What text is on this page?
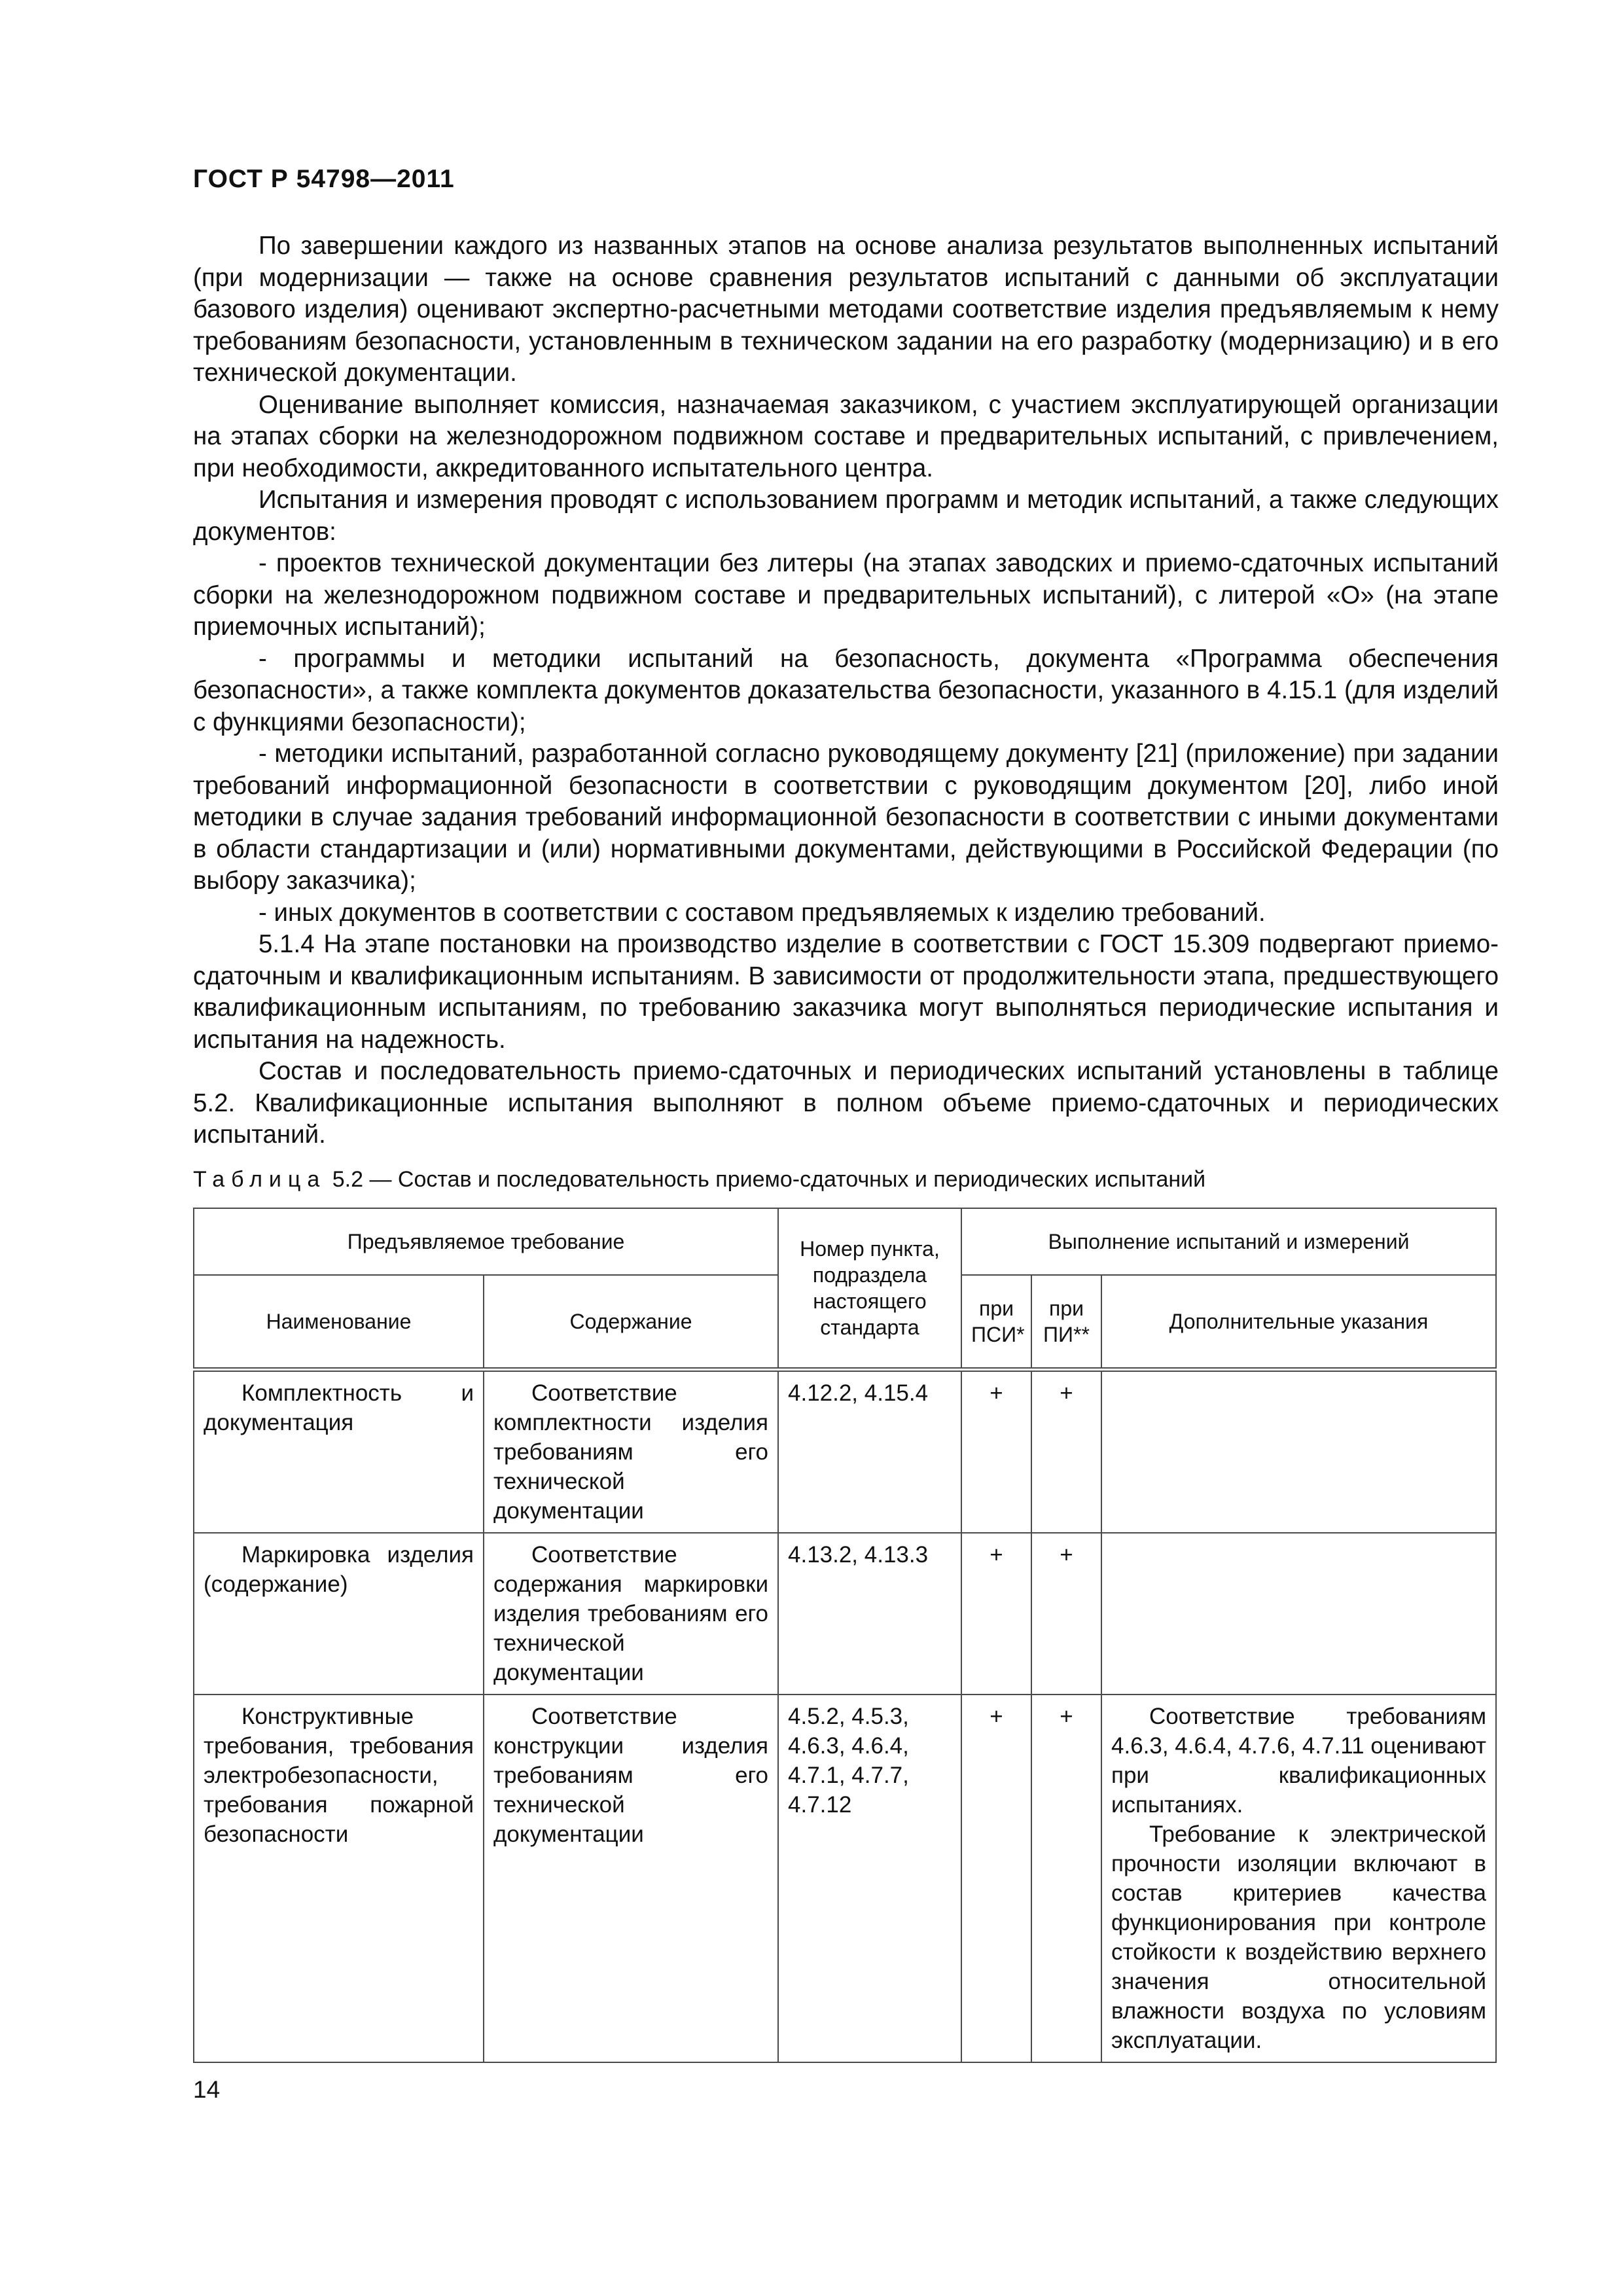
ГОСТ Р 54798—2011

По завершении каждого из названных этапов на основе анализа результатов выполненных испытаний (при модернизации — также на основе сравнения результатов испытаний с данными об эксплуатации базового изделия) оценивают экспертно-расчетными методами соответствие изделия предъявляемым к нему требованиям безопасности, установленным в техническом задании на его разработку (модернизацию) и в его технической документации.

Оценивание выполняет комиссия, назначаемая заказчиком, с участием эксплуатирующей организации на этапах сборки на железнодорожном подвижном составе и предварительных испытаний, с привлечением, при необходимости, аккредитованного испытательного центра.

Испытания и измерения проводят с использованием программ и методик испытаний, а также следующих документов:

- проектов технической документации без литеры (на этапах заводских и приемо-сдаточных испытаний сборки на железнодорожном подвижном составе и предварительных испытаний), с литерой «О» (на этапе приемочных испытаний);

- программы и методики испытаний на безопасность, документа «Программа обеспечения безопасности», а также комплекта документов доказательства безопасности, указанного в 4.15.1 (для изделий с функциями безопасности);

- методики испытаний, разработанной согласно руководящему документу [21] (приложение) при задании требований информационной безопасности в соответствии с руководящим документом [20], либо иной методики в случае задания требований информационной безопасности в соответствии с иными документами в области стандартизации и (или) нормативными документами, действующими в Российской Федерации (по выбору заказчика);

- иных документов в соответствии с составом предъявляемых к изделию требований.

5.1.4 На этапе постановки на производство изделие в соответствии с ГОСТ 15.309 подвергают приемо-сдаточным и квалификационным испытаниям. В зависимости от продолжительности этапа, предшествующего квалификационным испытаниям, по требованию заказчика могут выполняться периодические испытания и испытания на надежность.

Состав и последовательность приемо-сдаточных и периодических испытаний установлены в таблице 5.2. Квалификационные испытания выполняют в полном объеме приемо-сдаточных и периодических испытаний.

Таблица 5.2 — Состав и последовательность приемо-сдаточных и периодических испытаний
Предъявляемое требование		Номер пункта, подраздела настоящего стандарта	Выполнение испытаний и измерений		
Наименование	Содержание		при ПСИ*	при ПИ**	Дополнительные указания
Комплектность и документация	Соответствие комплектности изделия требованиям его технической документации	4.12.2, 4.15.4	+	+	

Маркировка изделия (содержание)	Соответствие содержания маркировки изделия требованиям его технической документации	4.13.2, 4.13.3	+	+	

Конструктивные требования, требования электробезопасности, требования пожарной безопасности	Соответствие конструкции изделия требованиям его технической документации	4.5.2, 4.5.3, 4.6.3, 4.6.4, 4.7.1, 4.7.7, 4.7.12	+	+	Соответствие требованиям 4.6.3, 4.6.4, 4.7.6, 4.7.11 оценивают при квалификационных испытаниях.

Требование к электрической прочности изоляции включают в состав критериев качества функционирования при контроле стойкости к воздействию верхнего значения относительной влажности воздуха по условиям эксплуатации.

14
